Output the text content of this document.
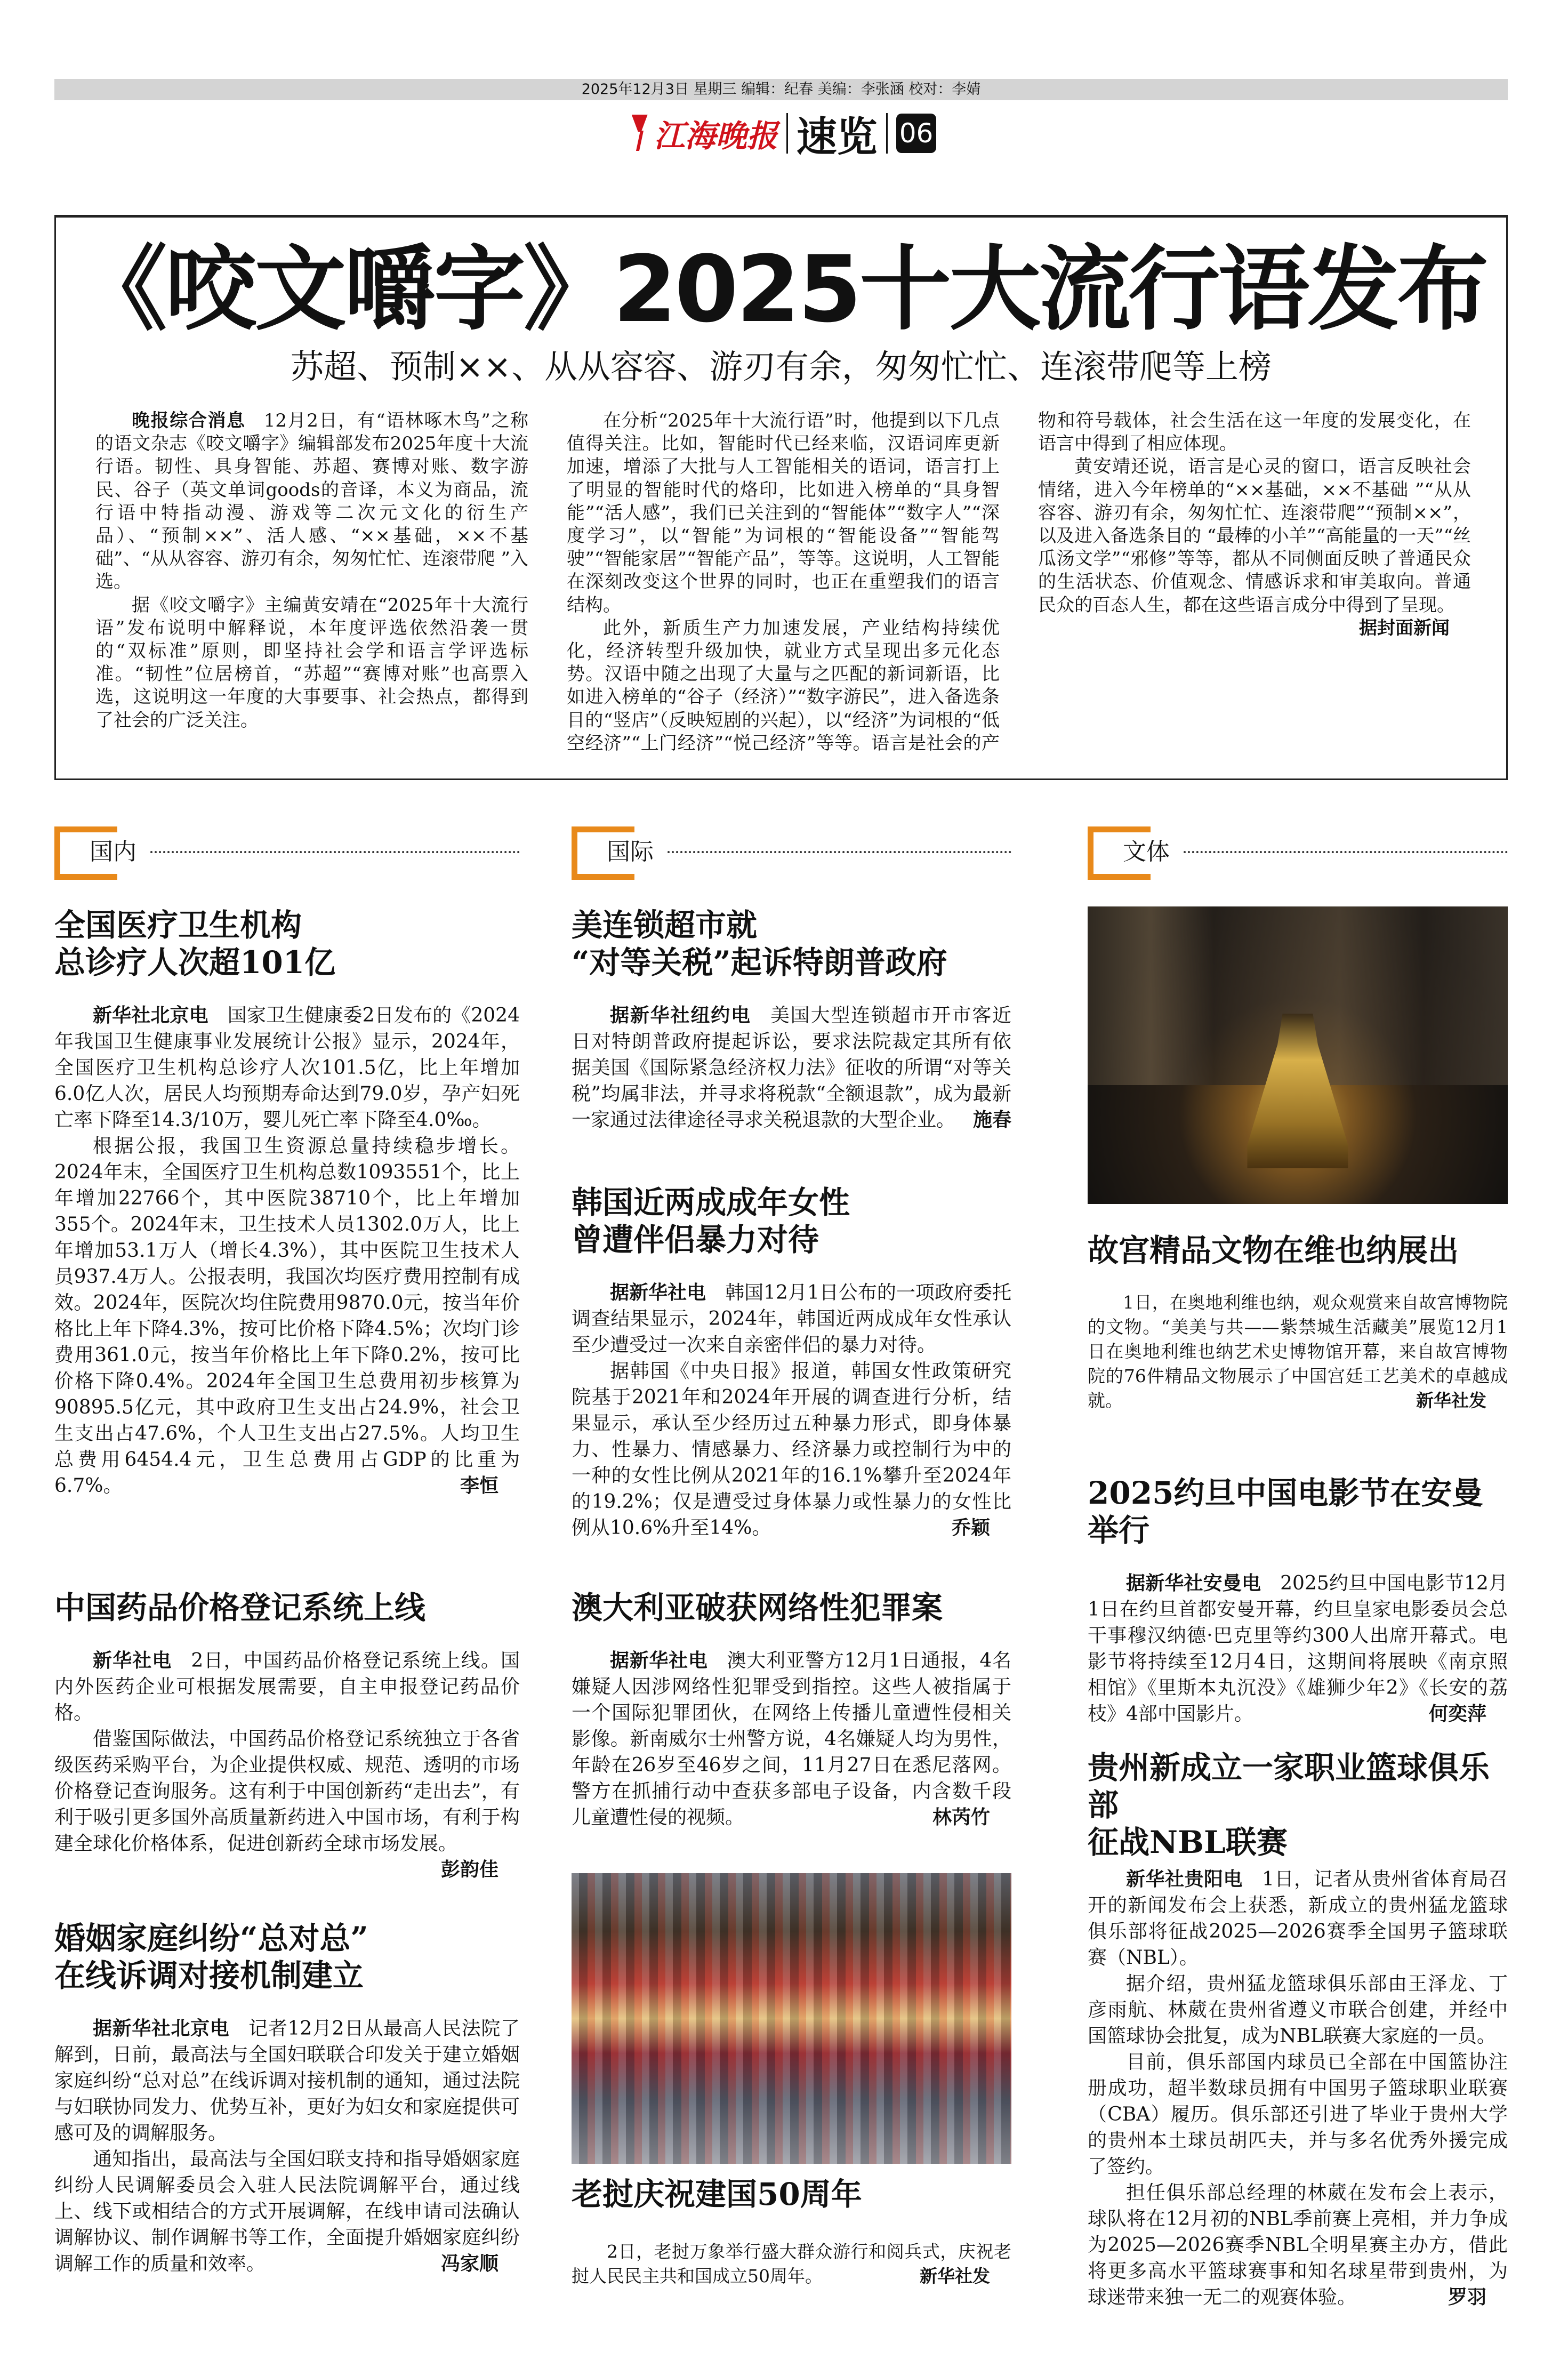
2025年12月3日 星期三 编辑：纪春 美编：李张涵 校对：李婧
江海晚报 速览 06
《咬文嚼字》2025十大流行语发布
苏超、预制××、从从容容、游刃有余，匆匆忙忙、连滚带爬等上榜

晚报综合消息 12月2日，有“语林啄木鸟”之称的语文杂志《咬文嚼字》编辑部发布2025年度十大流行语。韧性、具身智能、苏超、赛博对账、数字游民、谷子（英文单词goods的音译，本义为商品，流行语中特指动漫、游戏等二次元文化的衍生产品）、“预制××”、活人感、“××基础，××不基础”、“从从容容、游刃有余，匆匆忙忙、连滚带爬 ”入选。

据《咬文嚼字》主编黄安靖在“2025年十大流行语”发布说明中解释说，本年度评选依然沿袭一贯的“双标准”原则，即坚持社会学和语言学评选标准。“韧性”位居榜首，“苏超”“赛博对账”也高票入选，这说明这一年度的大事要事、社会热点，都得到了社会的广泛关注。

在分析“2025年十大流行语”时，他提到以下几点值得关注。比如，智能时代已经来临，汉语词库更新加速，增添了大批与人工智能相关的语词，语言打上了明显的智能时代的烙印，比如进入榜单的“具身智能”“活人感”，我们已关注到的“智能体”“数字人”“深度学习”，以“智能”为词根的“智能设备”“智能驾驶”“智能家居”“智能产品”，等等。这说明，人工智能在深刻改变这个世界的同时，也正在重塑我们的语言结构。

此外，新质生产力加速发展，产业结构持续优化，经济转型升级加快，就业方式呈现出多元化态势。汉语中随之出现了大量与之匹配的新词新语，比如进入榜单的“谷子（经济）”“数字游民”，进入备选条目的“竖店”（反映短剧的兴起），以“经济”为词根的“低空经济”“上门经济”“悦己经济”等等。语言是社会的产物和符号载体，社会生活在这一年度的发展变化，在语言中得到了相应体现。

黄安靖还说，语言是心灵的窗口，语言反映社会情绪，进入今年榜单的“××基础，××不基础 ”“从从容容、游刃有余，匆匆忙忙、连滚带爬”“预制××”，以及进入备选条目的 “最棒的小羊”“高能量的一天”“丝瓜汤文学”“邪修”等等，都从不同侧面反映了普通民众的生活状态、价值观念、情感诉求和审美取向。普通民众的百态人生，都在这些语言成分中得到了呈现。
据封面新闻

国内
全国医疗卫生机构
总诊疗人次超101亿

新华社北京电 国家卫生健康委2日发布的《2024年我国卫生健康事业发展统计公报》显示，2024年，全国医疗卫生机构总诊疗人次101.5亿，比上年增加6.0亿人次，居民人均预期寿命达到79.0岁，孕产妇死亡率下降至14.3/10万，婴儿死亡率下降至4.0‰。

根据公报，我国卫生资源总量持续稳步增长。2024年末，全国医疗卫生机构总数1093551个，比上年增加22766个，其中医院38710个，比上年增加355个。2024年末，卫生技术人员1302.0万人，比上年增加53.1万人（增长4.3%），其中医院卫生技术人员937.4万人。公报表明，我国次均医疗费用控制有成效。2024年，医院次均住院费用9870.0元，按当年价格比上年下降4.3%，按可比价格下降4.5%；次均门诊费用361.0元，按当年价格比上年下降0.2%，按可比价格下降0.4%。2024年全国卫生总费用初步核算为90895.5亿元，其中政府卫生支出占24.9%，社会卫生支出占47.6%，个人卫生支出占27.5%。人均卫生总费用6454.4元，卫生总费用占GDP的比重为6.7%。	李恒

中国药品价格登记系统上线

新华社电 2日，中国药品价格登记系统上线。国内外医药企业可根据发展需要，自主申报登记药品价格。

借鉴国际做法，中国药品价格登记系统独立于各省级医药采购平台，为企业提供权威、规范、透明的市场价格登记查询服务。这有利于中国创新药“走出去”，有利于吸引更多国外高质量新药进入中国市场，有利于构建全球化价格体系，促进创新药全球市场发展。
彭韵佳

婚姻家庭纠纷“总对总”
在线诉调对接机制建立

据新华社北京电 记者12月2日从最高人民法院了解到，日前，最高法与全国妇联联合印发关于建立婚姻家庭纠纷“总对总”在线诉调对接机制的通知，通过法院与妇联协同发力、优势互补，更好为妇女和家庭提供可感可及的调解服务。

通知指出，最高法与全国妇联支持和指导婚姻家庭纠纷人民调解委员会入驻人民法院调解平台，通过线上、线下或相结合的方式开展调解，在线申请司法确认调解协议、制作调解书等工作，全面提升婚姻家庭纠纷调解工作的质量和效率。	冯家顺

国际
美连锁超市就
“对等关税”起诉特朗普政府

据新华社纽约电 美国大型连锁超市开市客近日对特朗普政府提起诉讼，要求法院裁定其所有依据美国《国际紧急经济权力法》征收的所谓“对等关税”均属非法，并寻求将税款“全额退款”，成为最新一家通过法律途径寻求关税退款的大型企业。 施春

韩国近两成成年女性
曾遭伴侣暴力对待

据新华社电 韩国12月1日公布的一项政府委托调查结果显示，2024年，韩国近两成成年女性承认至少遭受过一次来自亲密伴侣的暴力对待。

据韩国《中央日报》报道，韩国女性政策研究院基于2021年和2024年开展的调查进行分析，结果显示，承认至少经历过五种暴力形式，即身体暴力、性暴力、情感暴力、经济暴力或控制行为中的一种的女性比例从2021年的16.1%攀升至2024年的19.2%；仅是遭受过身体暴力或性暴力的女性比例从10.6%升至14%。	乔颖

澳大利亚破获网络性犯罪案

据新华社电 澳大利亚警方12月1日通报，4名嫌疑人因涉网络性犯罪受到指控。这些人被指属于一个国际犯罪团伙，在网络上传播儿童遭性侵相关影像。新南威尔士州警方说，4名嫌疑人均为男性，年龄在26岁至46岁之间，11月27日在悉尼落网。警方在抓捕行动中查获多部电子设备，内含数千段儿童遭性侵的视频。	林芮竹

老挝庆祝建国50周年

2日，老挝万象举行盛大群众游行和阅兵式，庆祝老挝人民民主共和国成立50周年。	新华社发

文体
故宫精品文物在维也纳展出

1日，在奥地利维也纳，观众观赏来自故宫博物院的文物。“美美与共——紫禁城生活藏美”展览12月1日在奥地利维也纳艺术史博物馆开幕，来自故宫博物院的76件精品文物展示了中国宫廷工艺美术的卓越成就。	新华社发

2025约旦中国电影节在安曼举行

据新华社安曼电 2025约旦中国电影节12月1日在约旦首都安曼开幕，约旦皇家电影委员会总干事穆汉纳德·巴克里等约300人出席开幕式。电影节将持续至12月4日，这期间将展映《南京照相馆》《里斯本丸沉没》《雄狮少年2》《长安的荔枝》4部中国影片。	何奕萍

贵州新成立一家职业篮球俱乐部
征战NBL联赛

新华社贵阳电 1日，记者从贵州省体育局召开的新闻发布会上获悉，新成立的贵州猛龙篮球俱乐部将征战2025—2026赛季全国男子篮球联赛（NBL）。

据介绍，贵州猛龙篮球俱乐部由王泽龙、丁彦雨航、林葳在贵州省遵义市联合创建，并经中国篮球协会批复，成为NBL联赛大家庭的一员。

目前，俱乐部国内球员已全部在中国篮协注册成功，超半数球员拥有中国男子篮球职业联赛（CBA）履历。俱乐部还引进了毕业于贵州大学的贵州本土球员胡匹夫，并与多名优秀外援完成了签约。

担任俱乐部总经理的林葳在发布会上表示，球队将在12月初的NBL季前赛上亮相，并力争成为2025—2026赛季NBL全明星赛主办方，借此将更多高水平篮球赛事和知名球星带到贵州，为球迷带来独一无二的观赛体验。	罗羽
